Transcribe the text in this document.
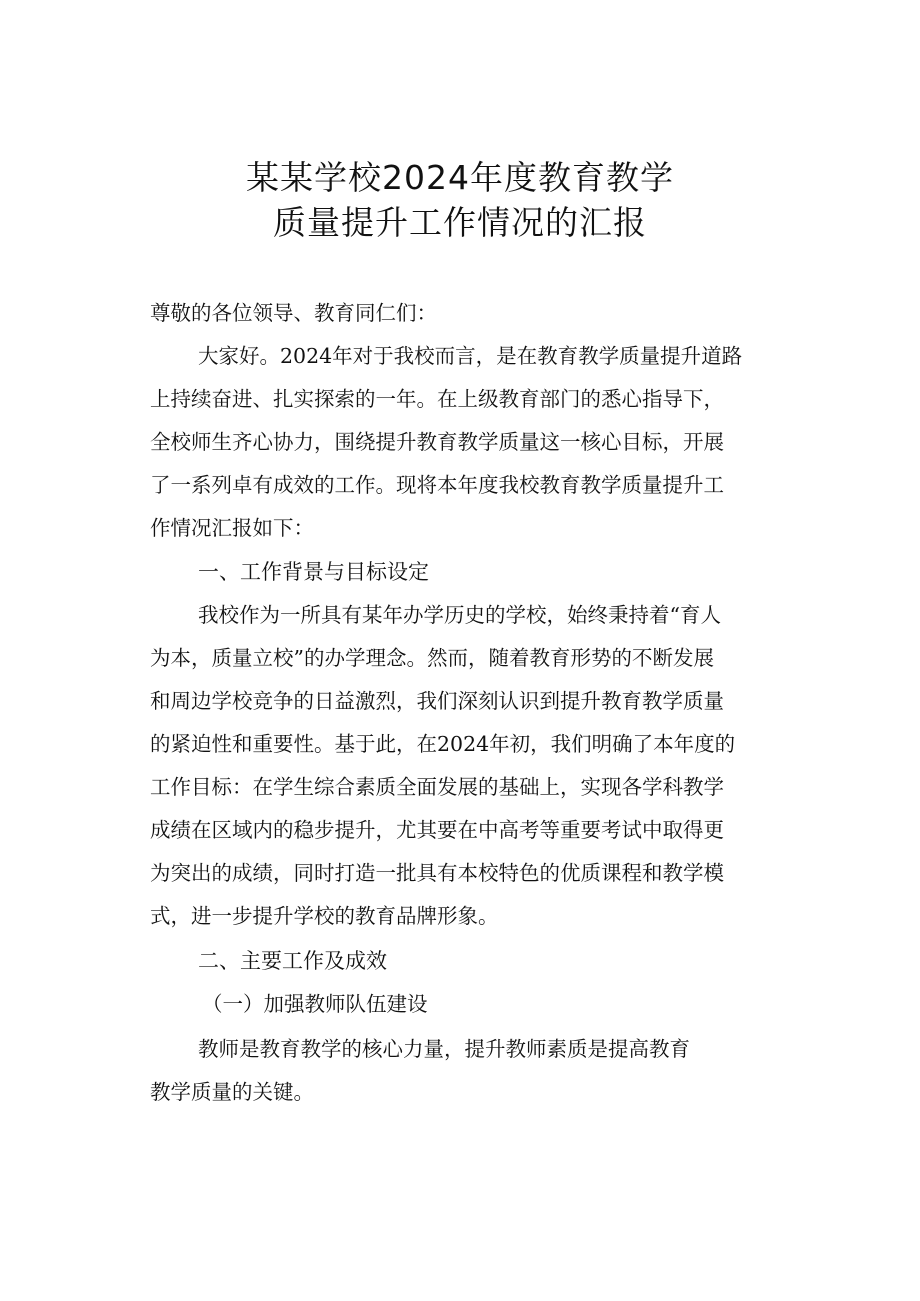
某某学校2024年度教育教学
质量提升工作情况的汇报
尊敬的各位领导、教育同仁们：
大家好。2024年对于我校而言，是在教育教学质量提升道路
上持续奋进、扎实探索的一年。在上级教育部门的悉心指导下，
全校师生齐心协力，围绕提升教育教学质量这一核心目标，开展
了一系列卓有成效的工作。现将本年度我校教育教学质量提升工
作情况汇报如下：
一、工作背景与目标设定
我校作为一所具有某年办学历史的学校，始终秉持着“育人
为本，质量立校”的办学理念。然而，随着教育形势的不断发展
和周边学校竞争的日益激烈，我们深刻认识到提升教育教学质量
的紧迫性和重要性。基于此，在2024年初，我们明确了本年度的
工作目标：在学生综合素质全面发展的基础上，实现各学科教学
成绩在区域内的稳步提升，尤其要在中高考等重要考试中取得更
为突出的成绩，同时打造一批具有本校特色的优质课程和教学模
式，进一步提升学校的教育品牌形象。
二、主要工作及成效
（一）加强教师队伍建设
教师是教育教学的核心力量，提升教师素质是提高教育
教学质量的关键。
